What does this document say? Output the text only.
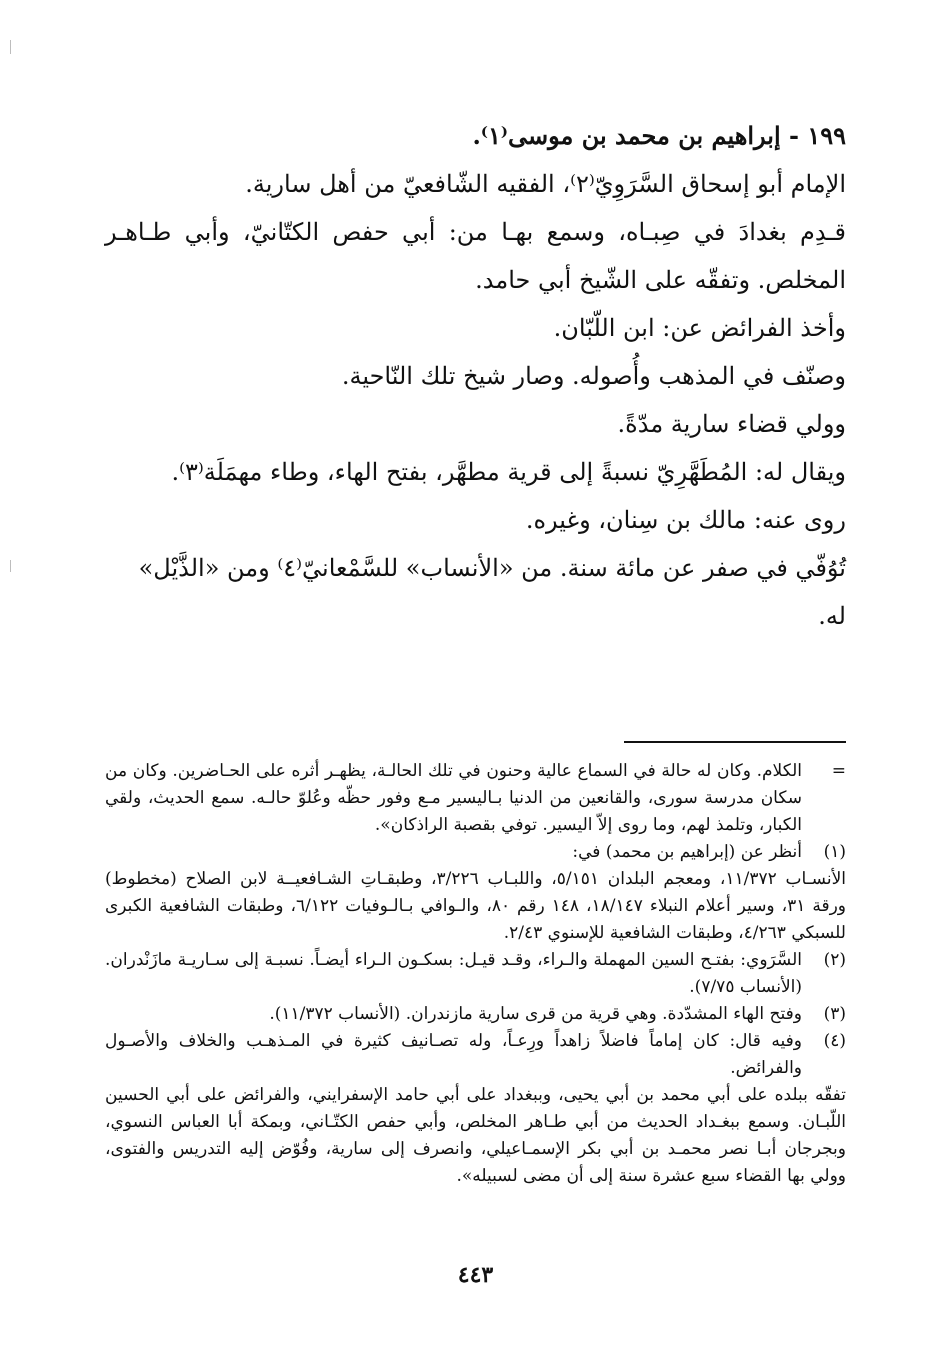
١٩٩ - إبراهيم بن محمد بن موسى⁽١⁾.

الإمام أبو إسحاق السَّرَوِيّ⁽٢⁾، الفقيه الشّافعيّ من أهل سارية.

قـدِم بغدادَ في صِبـاه، وسمع بهـا من: أبي حفص الكتّانيّ، وأبي طـاهـر المخلص. وتفقّه على الشّيخ أبي حامد.

وأخذ الفرائض عن: ابن اللّبّان.

وصنّف في المذهب وأُصوله. وصار شيخ تلك النّاحية.

وولي قضاء سارية مدّةً.

ويقال له: المُطَهَّرِيّ نسبةً إلى قرية مطهَّر، بفتح الهاء، وطاء مهمَلَة⁽٣⁾.

روى عنه: مالك بن سِنان، وغيره.

تُوُفّي في صفر عن مائة سنة. من «الأنساب» للسَّمْعانيّ⁽٤⁾ ومن «الذَّيْل» له.

=
الكلام. وكان له حالة في السماع عالية وحنون في تلك الحالـة، يظهـر أثره على الحـاضرين. وكان من سكان مدرسة سورى، والقانعين من الدنيا بـاليسير مـع وفور حظّه وعُلوّ حالـه. سمع الحديث، ولقي الكبار، وتلمذ لهم، وما روى إلاّ اليسير. توفي بقصبة الراذكان».
(١)
أنظر عن (إبراهيم بن محمد) في:
الأنسـاب ١١/٣٧٢، ومعجم البلدان ٥/١٥١، واللبـاب ٣/٢٢٦، وطبقـاتِ الشـافعيــة لابن الصلاح (مخطوط) ورقة ٣١، وسير أعلام النبلاء ١٨/١٤٧، ١٤٨ رقم ٨٠، والـوافي بـالـوفيات ٦/١٢٢، وطبقات الشافعية الكبرى للسبكي ٤/٢٦٣، وطبقات الشافعية للإسنوي ٢/٤٣.
(٢)
السَّرَوي: بفتـح السين المهملة والـراء، وقـد قيـل: بسكـون الـراء أيضـاً. نسبـة إلى سـاريـة مازَنْدران. (الأنساب ٧/٧٥).
(٣)
وفتح الهاء المشدّدة. وهي قرية من قرى سارية مازندران. (الأنساب ١١/٣٧٢).
(٤)
وفيه قال: كان إماماً فاضلاً زاهداً ورِعـاً، وله تصـانيف كثيرة في المـذهـب والخلاف والأصـول والفرائض.
تفقّه ببلده على أبي محمد بن أبي يحيى، وببغداد على أبي حامد الإسفرايني، والفرائض على أبي الحسين اللّبـان. وسمع ببغـداد الحديث من أبي طـاهر المخلص، وأبي حفص الكتّـاني، وبمكة أبا العباس النسوي، وبجرجان أبـا نصر محمـد بن أبي بكر الإسمـاعيلي، وانصرف إلى سارية، وفُوّض إليه التدريس والفتوى، وولي بها القضاء سبع عشرة سنة إلى أن مضى لسبيله».
٤٤٣
